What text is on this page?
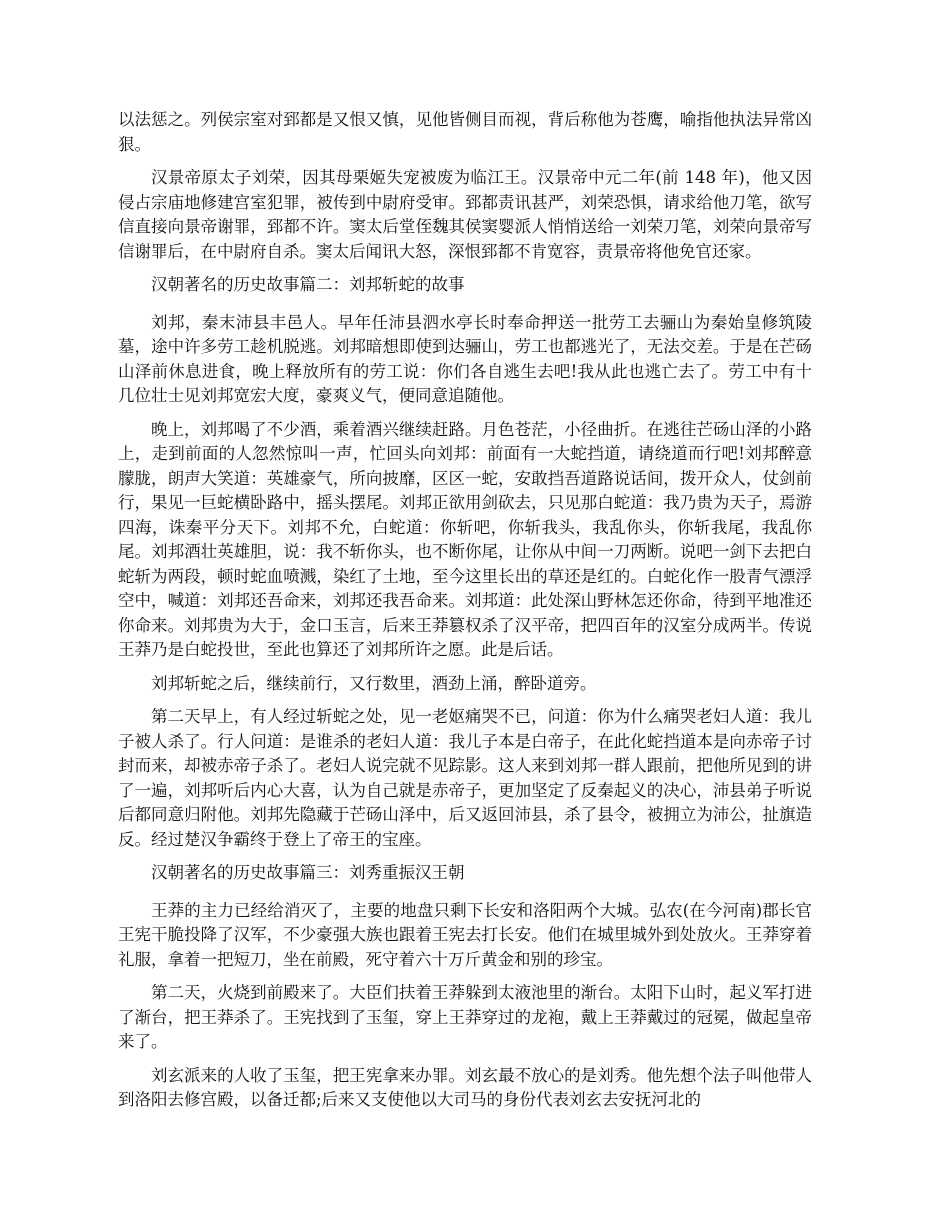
以法惩之。列侯宗室对郅都是又恨又慎，见他皆侧目而视，背后称他为苍鹰，喻指他执法异常凶狠。

汉景帝原太子刘荣，因其母栗姬失宠被废为临江王。汉景帝中元二年(前 148 年)，他又因侵占宗庙地修建宫室犯罪，被传到中尉府受审。郅都责讯甚严，刘荣恐惧，请求给他刀笔，欲写信直接向景帝谢罪，郅都不许。窦太后堂侄魏其侯窦婴派人悄悄送给一刘荣刀笔，刘荣向景帝写信谢罪后，在中尉府自杀。窦太后闻讯大怒，深恨郅都不肯宽容，责景帝将他免官还家。

汉朝著名的历史故事篇二：刘邦斩蛇的故事

刘邦，秦末沛县丰邑人。早年任沛县泗水亭长时奉命押送一批劳工去骊山为秦始皇修筑陵墓，途中许多劳工趁机脱逃。刘邦暗想即使到达骊山，劳工也都逃光了，无法交差。于是在芒砀山泽前休息进食，晚上释放所有的劳工说：你们各自逃生去吧!我从此也逃亡去了。劳工中有十几位壮士见刘邦宽宏大度，豪爽义气，便同意追随他。

晚上，刘邦喝了不少酒，乘着酒兴继续赶路。月色苍茫，小径曲折。在逃往芒砀山泽的小路上，走到前面的人忽然惊叫一声，忙回头向刘邦：前面有一大蛇挡道，请绕道而行吧!刘邦醉意朦胧，朗声大笑道：英雄豪气，所向披靡，区区一蛇，安敢挡吾道路说话间，拨开众人，仗剑前行，果见一巨蛇横卧路中，摇头摆尾。刘邦正欲用剑砍去，只见那白蛇道：我乃贵为天子，焉游四海，诛秦平分天下。刘邦不允，白蛇道：你斩吧，你斩我头，我乱你头，你斩我尾，我乱你尾。刘邦酒壮英雄胆，说：我不斩你头，也不断你尾，让你从中间一刀两断。说吧一剑下去把白蛇斩为两段，顿时蛇血喷溅，染红了土地，至今这里长出的草还是红的。白蛇化作一股青气漂浮空中，喊道：刘邦还吾命来，刘邦还我吾命来。刘邦道：此处深山野林怎还你命，待到平地准还你命来。刘邦贵为大于，金口玉言，后来王莽篡权杀了汉平帝，把四百年的汉室分成两半。传说王莽乃是白蛇投世，至此也算还了刘邦所许之愿。此是后话。

刘邦斩蛇之后，继续前行，又行数里，酒劲上涌，醉卧道旁。

第二天早上，有人经过斩蛇之处，见一老妪痛哭不已，问道：你为什么痛哭老妇人道：我儿子被人杀了。行人问道：是谁杀的老妇人道：我儿子本是白帝子，在此化蛇挡道本是向赤帝子讨封而来，却被赤帝子杀了。老妇人说完就不见踪影。这人来到刘邦一群人跟前，把他所见到的讲了一遍，刘邦听后内心大喜，认为自己就是赤帝子，更加坚定了反秦起义的决心，沛县弟子听说后都同意归附他。刘邦先隐藏于芒砀山泽中，后又返回沛县，杀了县令，被拥立为沛公，扯旗造反。经过楚汉争霸终于登上了帝王的宝座。

汉朝著名的历史故事篇三：刘秀重振汉王朝

王莽的主力已经给消灭了，主要的地盘只剩下长安和洛阳两个大城。弘农(在今河南)郡长官王宪干脆投降了汉军，不少豪强大族也跟着王宪去打长安。他们在城里城外到处放火。王莽穿着礼服，拿着一把短刀，坐在前殿，死守着六十万斤黄金和别的珍宝。

第二天，火烧到前殿来了。大臣们扶着王莽躲到太液池里的渐台。太阳下山时，起义军打进了渐台，把王莽杀了。王宪找到了玉玺，穿上王莽穿过的龙袍，戴上王莽戴过的冠冕，做起皇帝来了。

刘玄派来的人收了玉玺，把王宪拿来办罪。刘玄最不放心的是刘秀。他先想个法子叫他带人到洛阳去修宫殿，以备迁都;后来又支使他以大司马的身份代表刘玄去安抚河北的
